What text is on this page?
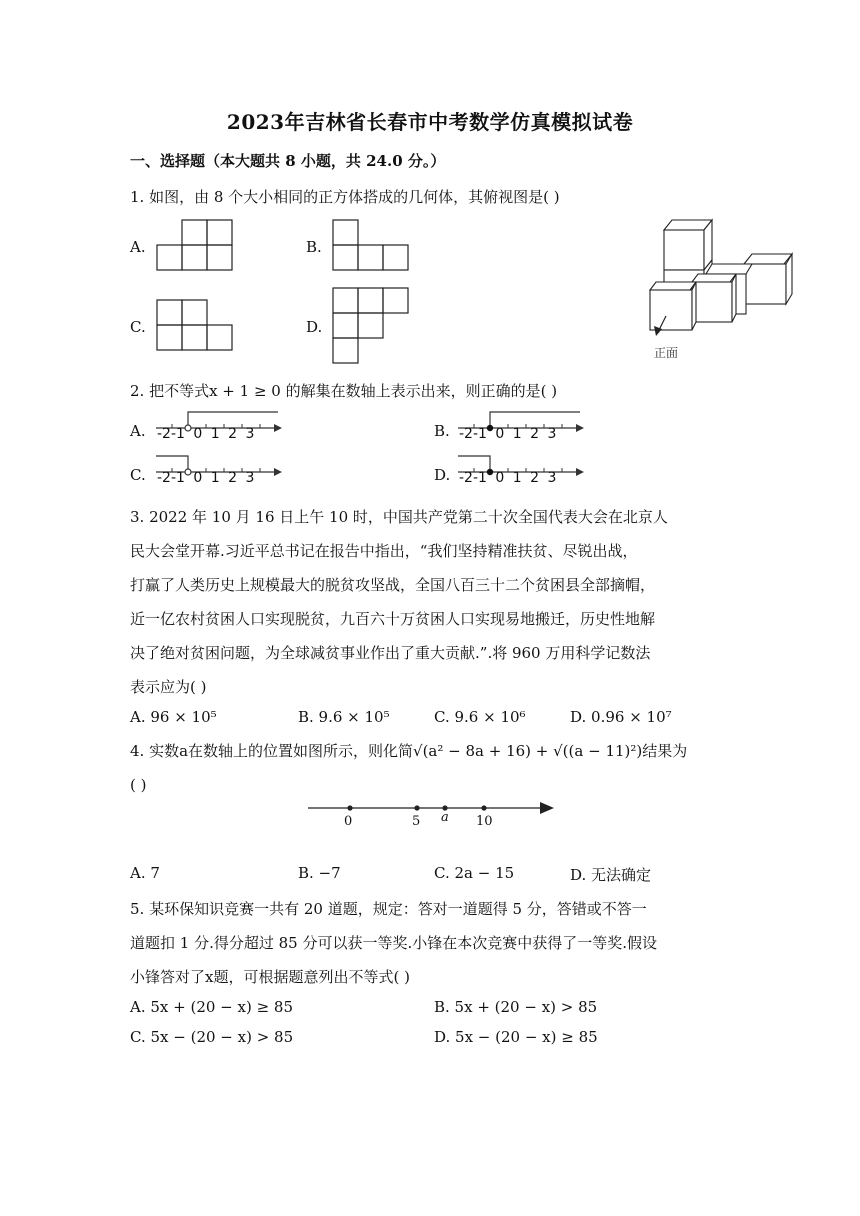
2023年吉林省长春市中考数学仿真模拟试卷
一、选择题（本大题共 8 小题，共 24.0 分。）
1. 如图，由 8 个大小相同的正方体搭成的几何体，其俯视图是( )
A.	B.
C.	D.
正面
2. 把不等式x + 1 ≥ 0 的解集在数轴上表示出来，则正确的是( )
A. -2-1 0 1 2 3	B. -2-1 0 1 2 3
C. -2-1 0 1 2 3	D. -2-1 0 1 2 3
3. 2022 年 10 月 16 日上午 10 时，中国共产党第二十次全国代表大会在北京人
民大会堂开幕.习近平总书记在报告中指出，“我们坚持精准扶贫、尽锐出战，
打赢了人类历史上规模最大的脱贫攻坚战，全国八百三十二个贫困县全部摘帽，
近一亿农村贫困人口实现脱贫，九百六十万贫困人口实现易地搬迁，历史性地解
决了绝对贫困问题，为全球减贫事业作出了重大贡献.”.将 960 万用科学记数法
表示应为( )
A. 96 × 10⁵	B. 9.6 × 10⁵	C. 9.6 × 10⁶	D. 0.96 × 10⁷
4. 实数a在数轴上的位置如图所示，则化简√(a² − 8a + 16) + √((a − 11)²)结果为
( )
0	5 a 10
A. 7	B. −7	C. 2a − 15	D. 无法确定
5. 某环保知识竞赛一共有 20 道题，规定：答对一道题得 5 分，答错或不答一
道题扣 1 分.得分超过 85 分可以获一等奖.小锋在本次竞赛中获得了一等奖.假设
小锋答对了x题，可根据题意列出不等式( )
A. 5x + (20 − x) ≥ 85	B. 5x + (20 − x) > 85
C. 5x − (20 − x) > 85	D. 5x − (20 − x) ≥ 85
